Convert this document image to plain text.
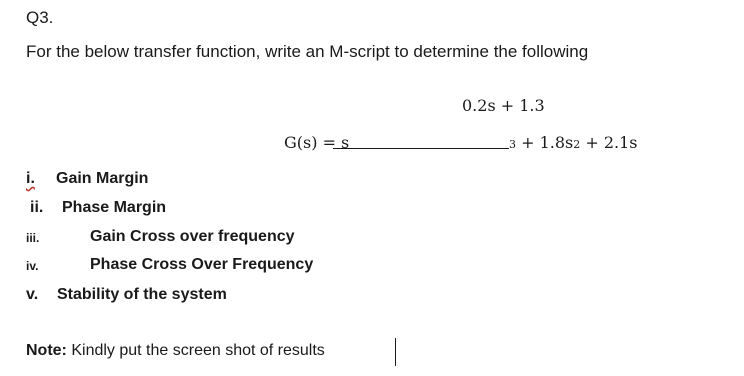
Q3.
For the below transfer function, write an M-script to determine the following
0.2s + 1.3
G(s) = s	3 + 1.8s2 + 2.1s
i. Gain Margin
ii. Phase Margin
iii.	Gain Cross over frequency
iv.	Phase Cross Over Frequency
v. Stability of the system
Note: Kindly put the screen shot of results
